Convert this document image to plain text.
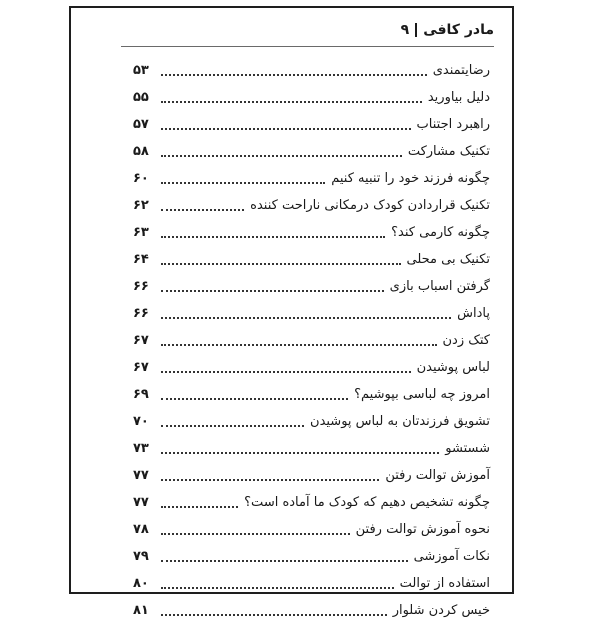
مادر کافی
۹
رضایتمندی
۵۳
دلیل بیاورید
۵۵
راهبرد اجتناب
۵۷
تکنیک مشارکت
۵۸
چگونه فرزند خود را تنبیه کنیم
۶۰
تکنیک قراردادن کودک درمکانی ناراحت کننده
۶۲
چگونه کارمی کند؟
۶۳
تکنیک بی محلی
۶۴
گرفتن اسباب بازی
۶۶
پاداش
۶۶
کتک زدن
۶۷
لباس پوشیدن
۶۷
امروز چه لباسی بپوشیم؟
۶۹
تشویق فرزندتان به لباس پوشیدن
۷۰
شستشو
۷۳
آموزش توالت رفتن
۷۷
چگونه تشخیص دهیم که کودک ما آماده است؟
۷۷
نحوه آموزش توالت رفتن
۷۸
نکات آموزشی
۷۹
استفاده از توالت
۸۰
خیس کردن شلوار
۸۱
